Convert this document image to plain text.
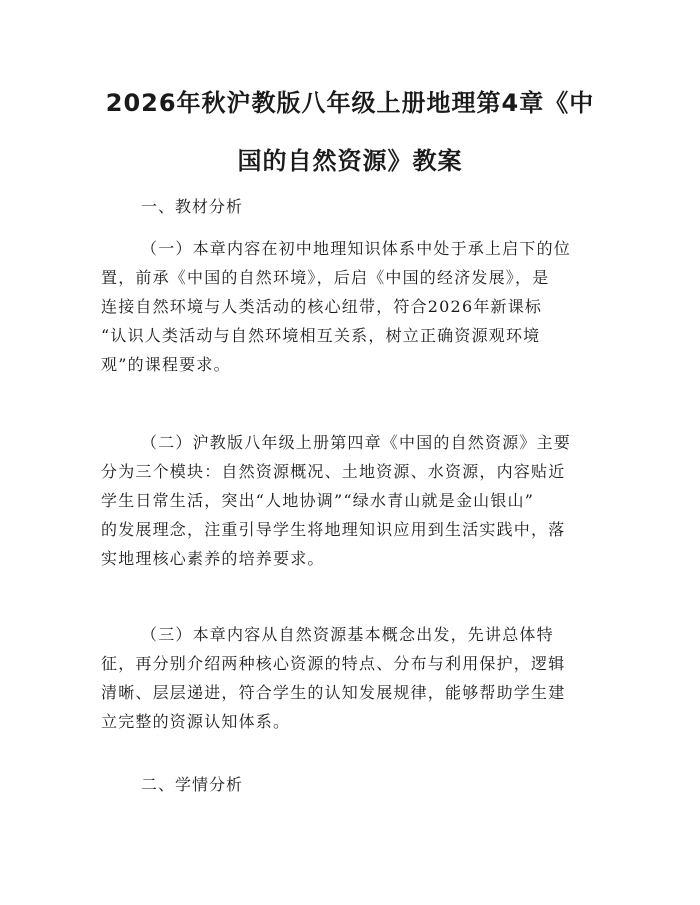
2026年秋沪教版八年级上册地理第4章《中
国的自然资源》教案

一、教材分析

（一）本章内容在初中地理知识体系中处于承上启下的位
置，前承《中国的自然环境》，后启《中国的经济发展》，是
连接自然环境与人类活动的核心纽带，符合2026年新课标
“认识人类活动与自然环境相互关系，树立正确资源观环境
观”的课程要求。

（二）沪教版八年级上册第四章《中国的自然资源》主要
分为三个模块：自然资源概况、土地资源、水资源，内容贴近
学生日常生活，突出“人地协调”“绿水青山就是金山银山”
的发展理念，注重引导学生将地理知识应用到生活实践中，落
实地理核心素养的培养要求。

（三）本章内容从自然资源基本概念出发，先讲总体特
征，再分别介绍两种核心资源的特点、分布与利用保护，逻辑
清晰、层层递进，符合学生的认知发展规律，能够帮助学生建
立完整的资源认知体系。

二、学情分析
